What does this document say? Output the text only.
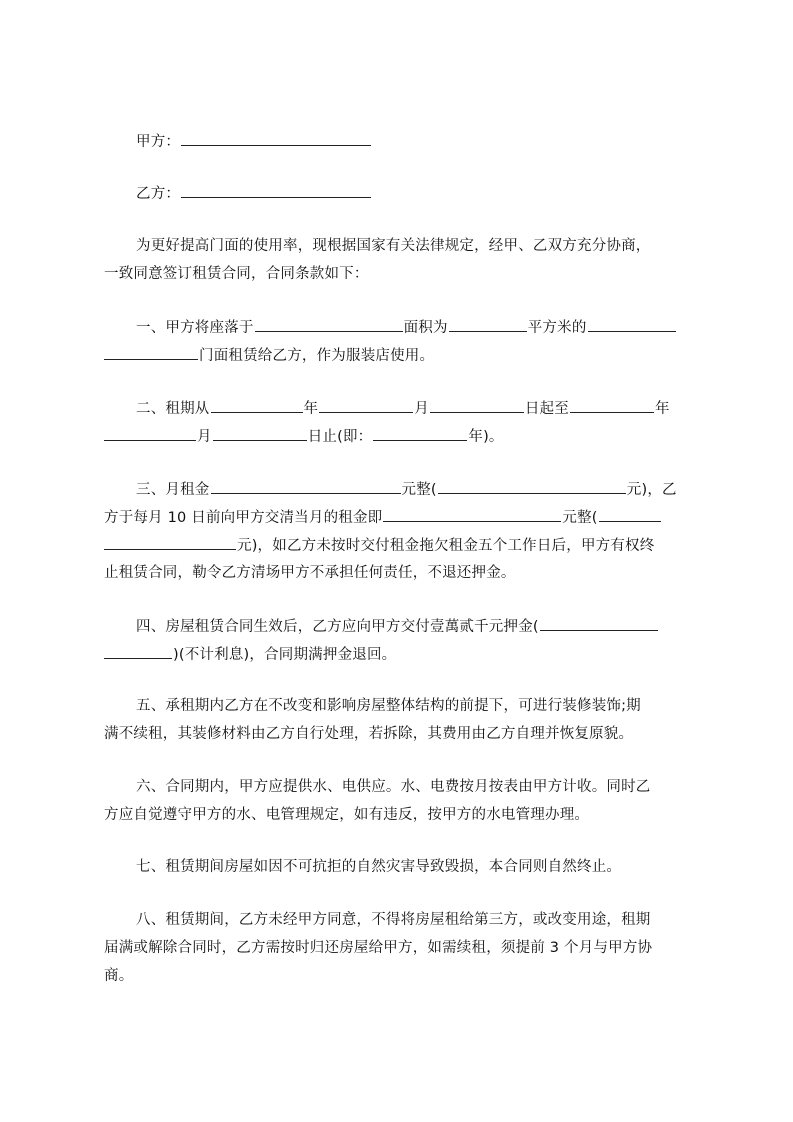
甲方：
乙方：
为更好提高门面的使用率，现根据国家有关法律规定，经甲、乙双方充分协商，
一致同意签订租赁合同，合同条款如下：
一、甲方将座落于	面积为	平方米的
门面租赁给乙方，作为服装店使用。
二、租期从	年	月	日起至	年
月	日止(即：	年)。
三、月租金	元整(	元)，乙
方于每月 10 日前向甲方交清当月的租金即	元整(
元)，如乙方未按时交付租金拖欠租金五个工作日后，甲方有权终
止租赁合同，勒令乙方清场甲方不承担任何责任，不退还押金。
四、房屋租赁合同生效后，乙方应向甲方交付壹萬贰千元押金(
)(不计利息)，合同期满押金退回。
五、承租期内乙方在不改变和影响房屋整体结构的前提下，可进行装修装饰;期
满不续租，其装修材料由乙方自行处理，若拆除，其费用由乙方自理并恢复原貌。
六、合同期内，甲方应提供水、电供应。水、电费按月按表由甲方计收。同时乙
方应自觉遵守甲方的水、电管理规定，如有违反，按甲方的水电管理办理。
七、租赁期间房屋如因不可抗拒的自然灾害导致毁损，本合同则自然终止。
八、租赁期间，乙方未经甲方同意，不得将房屋租给第三方，或改变用途，租期
届满或解除合同时，乙方需按时归还房屋给甲方，如需续租，须提前 3 个月与甲方协
商。
